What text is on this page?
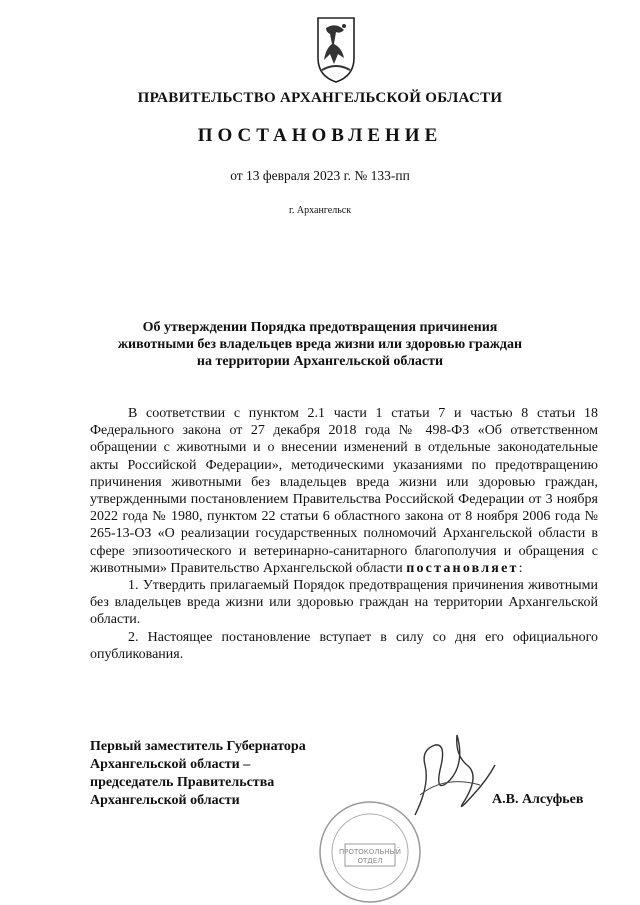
ПРАВИТЕЛЬСТВО АРХАНГЕЛЬСКОЙ ОБЛАСТИ
ПОСТАНОВЛЕНИЕ
от 13 февраля 2023 г. № 133-пп
г. Архангельск
Об утверждении Порядка предотвращения причинения
животными без владельцев вреда жизни или здоровью граждан
на территории Архангельской области

В соответствии с пунктом 2.1 части 1 статьи 7 и частью 8 статьи 18 Федерального закона от 27 декабря 2018 года № 498-ФЗ «Об ответственном обращении с животными и о внесении изменений в отдельные законодательные акты Российской Федерации», методическими указаниями по предотвращению причинения животными без владельцев вреда жизни или здоровью граждан, утвержденными постановлением Правительства Российской Федерации от 3 ноября 2022 года № 1980, пунктом 22 статьи 6 областного закона от 8 ноября 2006 года № 265-13-ОЗ «О реализации государственных полномочий Архангельской области в сфере эпизоотического и ветеринарно-санитарного благополучия и обращения с животными» Правительство Архангельской области постановляет:

1. Утвердить прилагаемый Порядок предотвращения причинения животными без владельцев вреда жизни или здоровью граждан на территории Архангельской области.

2. Настоящее постановление вступает в силу со дня его официального опубликования.

Первый заместитель Губернатора
Архангельской области –
председатель Правительства
Архангельской области	А.В. Алсуфьев
ПРОТОКОЛЬНЫЙ
ОТДЕЛ
